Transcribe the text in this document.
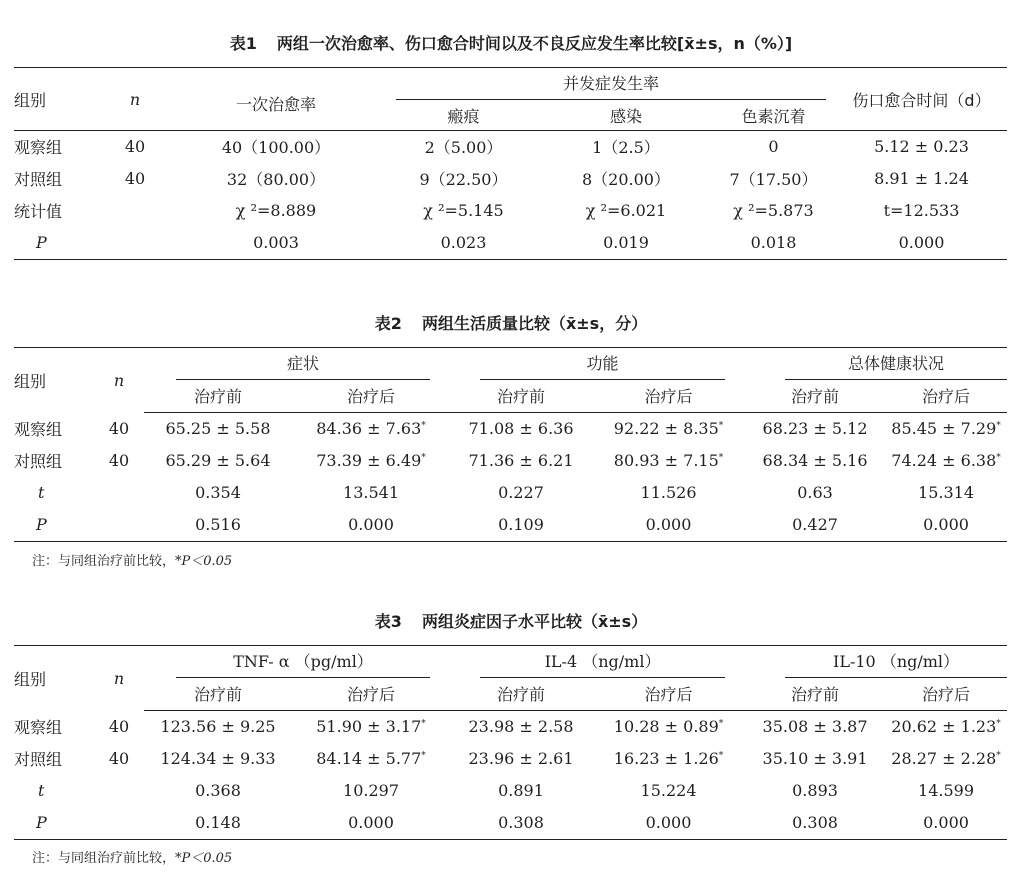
表1 两组一次治愈率、伤口愈合时间以及不良反应发生率比较[x̄±s，n（%）]
组别	n	一次治愈率	并发症发生率			伤口愈合时间（d）
			瘢痕	感染	色素沉着	

观察组	40	40（100.00）	2（5.00）	1（2.5）	0	5.12 ± 0.23
对照组	40	32（80.00）	9（22.50）	8（20.00）	7（17.50）	8.91 ± 1.24
统计值		χ ²=8.889	χ ²=5.145	χ ²=6.021	χ ²=5.873	t=12.533
P		0.003	0.023	0.019	0.018	0.000
表2 两组生活质量比较（x̄±s，分）
组别	n	症状		功能		总体健康状况	

		治疗前	治疗后	治疗前	治疗后	治疗前	治疗后
观察组	40	65.25 ± 5.58	84.36 ± 7.63*	71.08 ± 6.36	92.22 ± 8.35*	68.23 ± 5.12	85.45 ± 7.29*
对照组	40	65.29 ± 5.64	73.39 ± 6.49*	71.36 ± 6.21	80.93 ± 7.15*	68.34 ± 5.16	74.24 ± 6.38*
t		0.354	13.541	0.227	11.526	0.63	15.314
P		0.516	0.000	0.109	0.000	0.427	0.000
注：与同组治疗前比较，*P＜0.05
表3 两组炎症因子水平比较（x̄±s）
组别	n	TNF- α （pg/ml）		IL-4 （ng/ml）		IL-10 （ng/ml）	

		治疗前	治疗后	治疗前	治疗后	治疗前	治疗后
观察组	40	123.56 ± 9.25	51.90 ± 3.17*	23.98 ± 2.58	10.28 ± 0.89*	35.08 ± 3.87	20.62 ± 1.23*
对照组	40	124.34 ± 9.33	84.14 ± 5.77*	23.96 ± 2.61	16.23 ± 1.26*	35.10 ± 3.91	28.27 ± 2.28*
t		0.368	10.297	0.891	15.224	0.893	14.599
P		0.148	0.000	0.308	0.000	0.308	0.000
注：与同组治疗前比较，*P＜0.05
